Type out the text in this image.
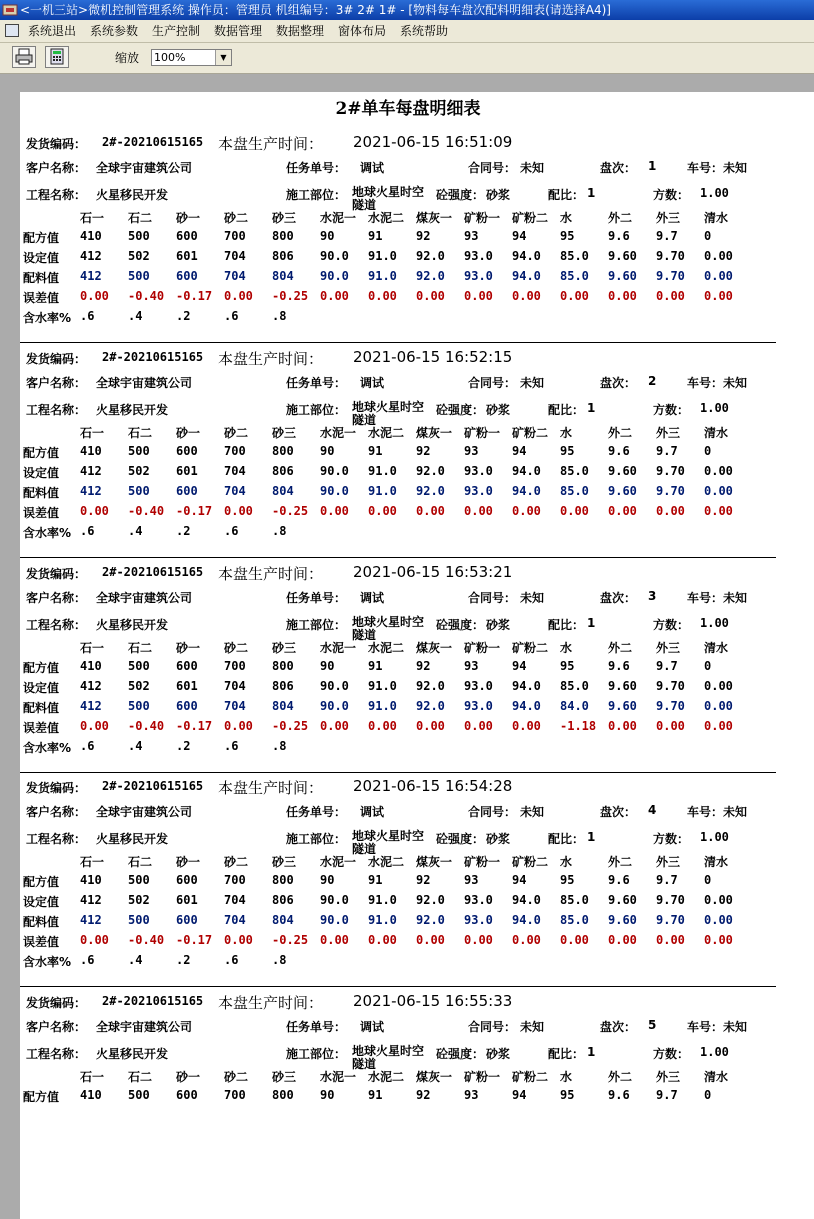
<一机三站>微机控制管理系统 操作员：管理员 机组编号：3# 2# 1# - [物料每车盘次配料明细表(请选择A4)]
系统退出 系统参数 生产控制 数据管理 数据整理 窗体布局 系统帮助
缩放 100%	▼
2#单车每盘明细表
发货编码： 2#-20210615165 本盘生产时间： 2021-06-15 16:51:09
客户名称： 全球宇宙建筑公司	任务单号： 调试	合同号： 未知	盘次： 1	车号： 未知
工程名称： 火星移民开发	施工部位： 地球火星时空隧道
砼强度： 砂浆	配比： 1	方数： 1.00
石一 石二 砂一 砂二 砂三 水泥一 水泥二 煤灰一 矿粉一 矿粉二 水	外二 外三 清水
配方值 410 500 600 700 800 90	91	92	93	94	95	9.6 9.7 0
设定值 412 502 601 704 806 90.0 91.0 92.0 93.0 94.0 85.0 9.60 9.70 0.00
配料值 412 500 600 704 804 90.0 91.0 92.0 93.0 94.0 85.0 9.60 9.70 0.00
误差值 0.00 -0.40 -0.17 0.00 -0.25 0.00 0.00 0.00 0.00 0.00 0.00 0.00 0.00 0.00
含水率% .6	.4	.2	.6	.8
发货编码： 2#-20210615165 本盘生产时间： 2021-06-15 16:52:15
客户名称： 全球宇宙建筑公司	任务单号： 调试	合同号： 未知	盘次： 2	车号： 未知
工程名称： 火星移民开发	施工部位： 地球火星时空隧道
砼强度： 砂浆	配比： 1	方数： 1.00
石一 石二 砂一 砂二 砂三 水泥一 水泥二 煤灰一 矿粉一 矿粉二 水	外二 外三 清水
配方值 410 500 600 700 800 90	91	92	93	94	95	9.6 9.7 0
设定值 412 502 601 704 806 90.0 91.0 92.0 93.0 94.0 85.0 9.60 9.70 0.00
配料值 412 500 600 704 804 90.0 91.0 92.0 93.0 94.0 85.0 9.60 9.70 0.00
误差值 0.00 -0.40 -0.17 0.00 -0.25 0.00 0.00 0.00 0.00 0.00 0.00 0.00 0.00 0.00
含水率% .6	.4	.2	.6	.8
发货编码： 2#-20210615165 本盘生产时间： 2021-06-15 16:53:21
客户名称： 全球宇宙建筑公司	任务单号： 调试	合同号： 未知	盘次： 3	车号： 未知
工程名称： 火星移民开发	施工部位： 地球火星时空隧道
砼强度： 砂浆	配比： 1	方数： 1.00
石一 石二 砂一 砂二 砂三 水泥一 水泥二 煤灰一 矿粉一 矿粉二 水	外二 外三 清水
配方值 410 500 600 700 800 90	91	92	93	94	95	9.6 9.7 0
设定值 412 502 601 704 806 90.0 91.0 92.0 93.0 94.0 85.0 9.60 9.70 0.00
配料值 412 500 600 704 804 90.0 91.0 92.0 93.0 94.0 84.0 9.60 9.70 0.00
误差值 0.00 -0.40 -0.17 0.00 -0.25 0.00 0.00 0.00 0.00 0.00 -1.18 0.00 0.00 0.00
含水率% .6	.4	.2	.6	.8
发货编码： 2#-20210615165 本盘生产时间： 2021-06-15 16:54:28
客户名称： 全球宇宙建筑公司	任务单号： 调试	合同号： 未知	盘次： 4	车号： 未知
工程名称： 火星移民开发	施工部位： 地球火星时空隧道
砼强度： 砂浆	配比： 1	方数： 1.00
石一 石二 砂一 砂二 砂三 水泥一 水泥二 煤灰一 矿粉一 矿粉二 水	外二 外三 清水
配方值 410 500 600 700 800 90	91	92	93	94	95	9.6 9.7 0
设定值 412 502 601 704 806 90.0 91.0 92.0 93.0 94.0 85.0 9.60 9.70 0.00
配料值 412 500 600 704 804 90.0 91.0 92.0 93.0 94.0 85.0 9.60 9.70 0.00
误差值 0.00 -0.40 -0.17 0.00 -0.25 0.00 0.00 0.00 0.00 0.00 0.00 0.00 0.00 0.00
含水率% .6	.4	.2	.6	.8
发货编码： 2#-20210615165 本盘生产时间： 2021-06-15 16:55:33
客户名称： 全球宇宙建筑公司	任务单号： 调试	合同号： 未知	盘次： 5	车号： 未知
工程名称： 火星移民开发	施工部位： 地球火星时空隧道
砼强度： 砂浆	配比： 1	方数： 1.00
石一 石二 砂一 砂二 砂三 水泥一 水泥二 煤灰一 矿粉一 矿粉二 水	外二 外三 清水
配方值 410 500 600 700 800 90	91	92	93	94	95	9.6 9.7 0
